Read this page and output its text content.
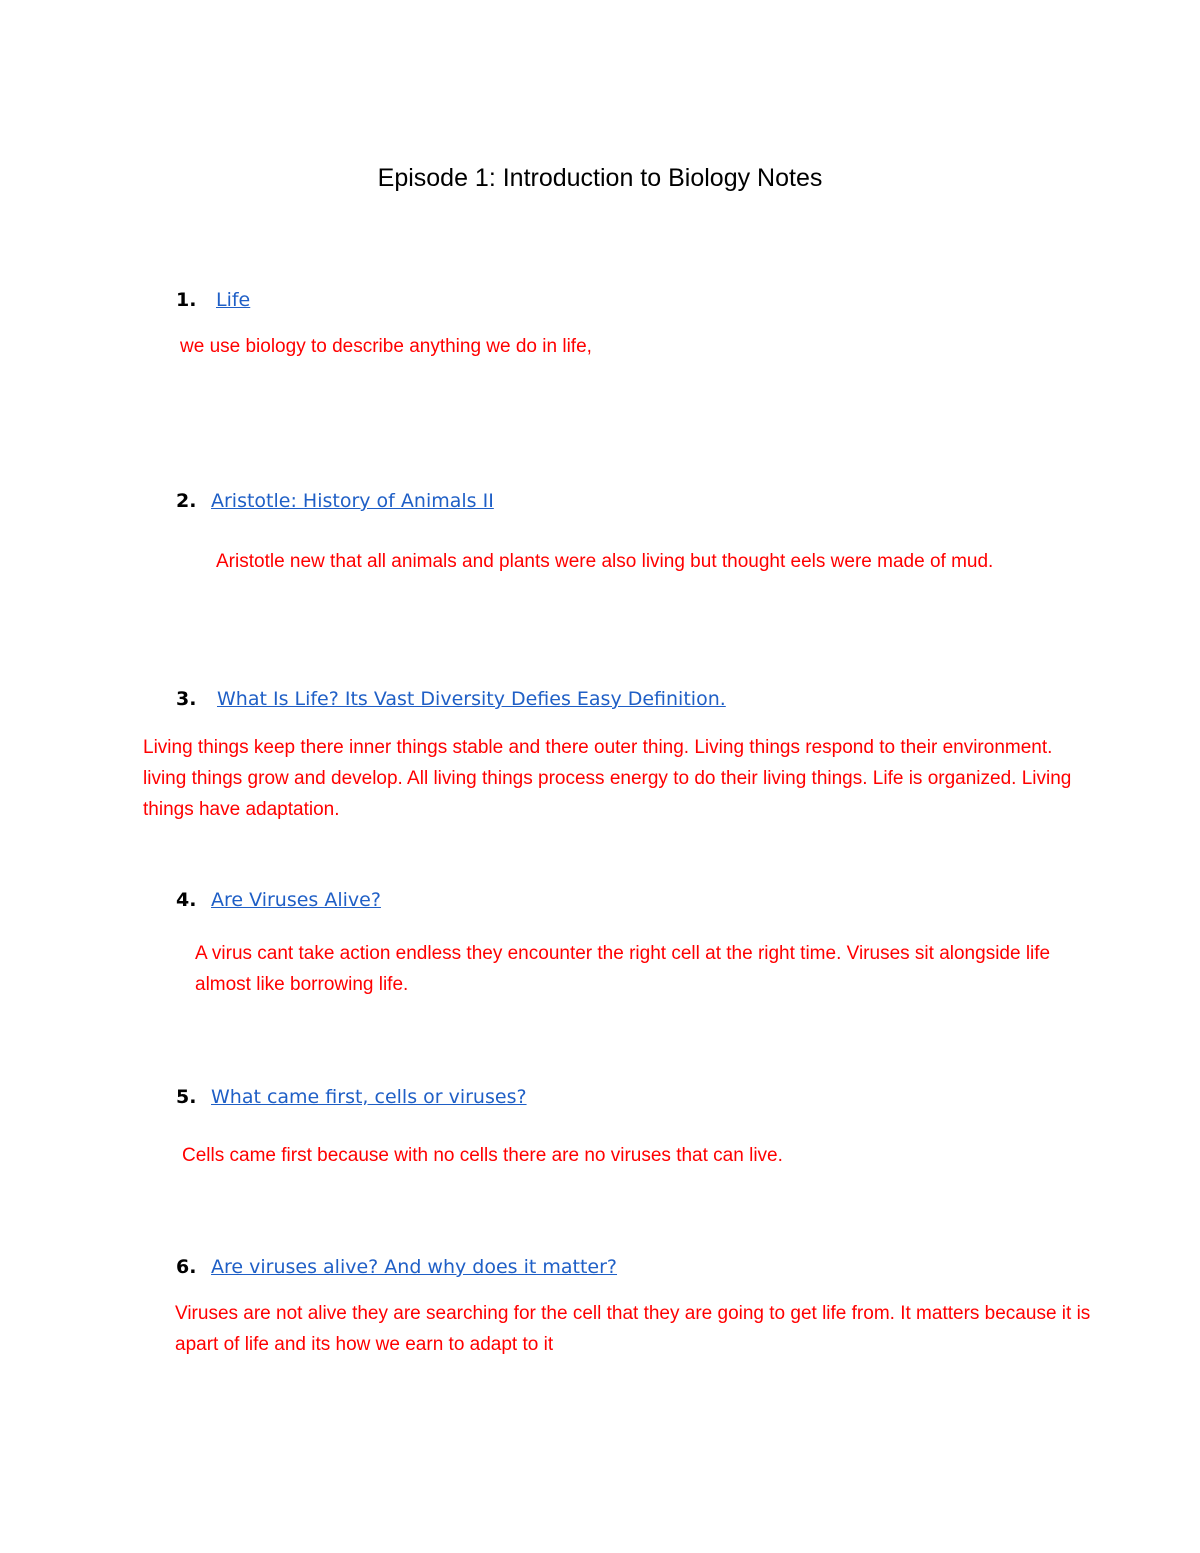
Episode 1: Introduction to Biology Notes
1. Life
we use biology to describe anything we do in life,
2. Aristotle: History of Animals II
Aristotle new that all animals and plants were also living but thought eels were made of mud.
3. What Is Life? Its Vast Diversity Defies Easy Definition.
Living things keep there inner things stable and there outer thing. Living things respond to their environment.
living things grow and develop. All living things process energy to do their living things. Life is organized. Living
things have adaptation.
4. Are Viruses Alive?
A virus cant take action endless they encounter the right cell at the right time. Viruses sit alongside life
almost like borrowing life.
5. What came first, cells or viruses?
Cells came first because with no cells there are no viruses that can live.
6. Are viruses alive? And why does it matter?
Viruses are not alive they are searching for the cell that they are going to get life from. It matters because it is
apart of life and its how we earn to adapt to it
